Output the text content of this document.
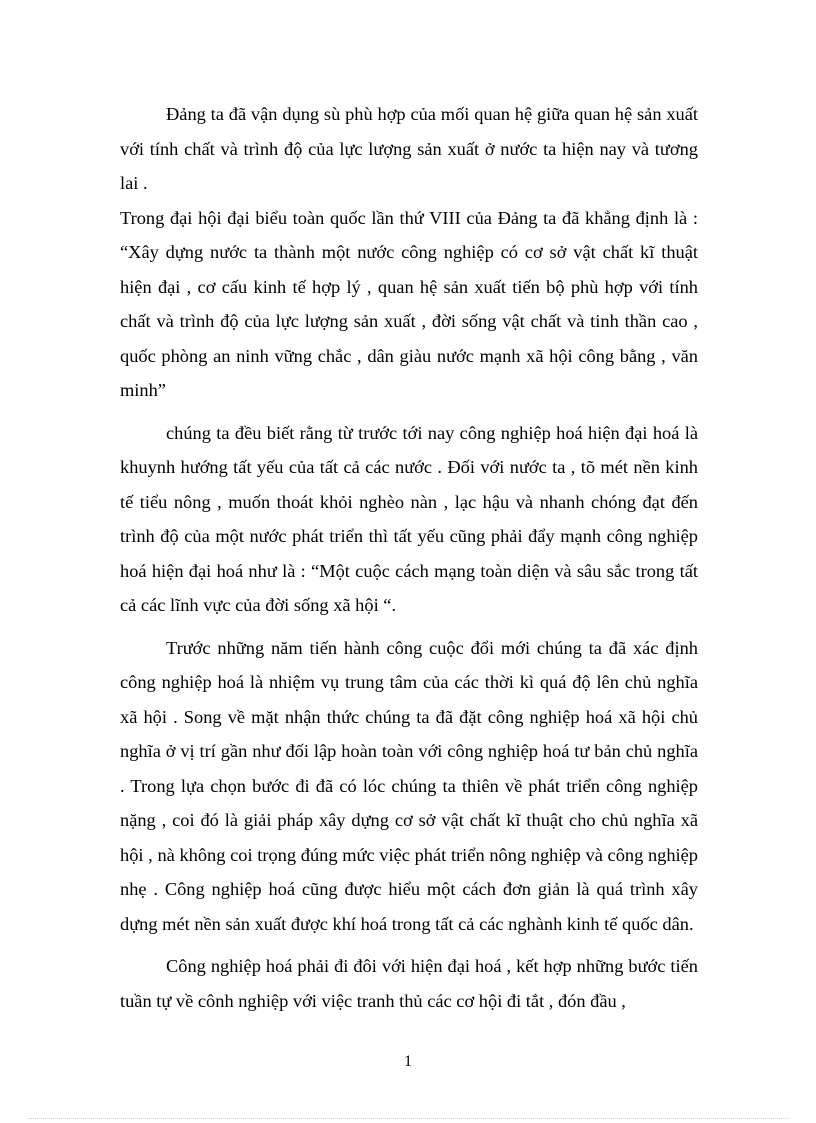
Đảng ta đã vận dụng sù phù hợp của mối quan hệ giữa quan hệ sản xuất với tính chất và trình độ của lực lượng sản xuất ở nước ta hiện nay và tương lai .

Trong đại hội đại biểu toàn quốc lần thứ VIII của Đảng ta đã khẳng định là : “Xây dựng nước ta thành một nước công nghiệp có cơ sở vật chất kĩ thuật hiện đại , cơ cấu kinh tế hợp lý , quan hệ sản xuất tiến bộ phù hợp với tính chất và trình độ của lực lượng sản xuất , đời sống vật chất và tinh thần cao , quốc phòng an ninh vững chắc , dân giàu nước mạnh xã hội công bằng , văn minh”

chúng ta đều biết rằng từ trước tới nay công nghiệp hoá hiện đại hoá là khuynh hướng tất yếu của tất cả các nước . Đối với nước ta , tõ mét nền kinh tế tiểu nông , muốn thoát khỏi nghèo nàn , lạc hậu và nhanh chóng đạt đến trình độ của một nước phát triển thì tất yếu cũng phải đẩy mạnh công nghiệp hoá hiện đại hoá như là : “Một cuộc cách mạng toàn diện và sâu sắc trong tất cả các lĩnh vực của đời sống xã hội “.

Trước những năm tiến hành công cuộc đổi mới chúng ta đã xác định công nghiệp hoá là nhiệm vụ trung tâm của các thời kì quá độ lên chủ nghĩa xã hội . Song về mặt nhận thức chúng ta đã đặt công nghiệp hoá xã hội chủ nghĩa ở vị trí gần như đối lập hoàn toàn với công nghiệp hoá tư bản chủ nghĩa . Trong lựa chọn bước đi đã có lóc chúng ta thiên về phát triển công nghiệp nặng , coi đó là giải pháp xây dựng cơ sở vật chất kĩ thuật cho chủ nghĩa xã hội , nà không coi trọng đúng mức việc phát triển nông nghiệp và công nghiệp nhẹ . Công nghiệp hoá cũng được hiểu một cách đơn giản là quá trình xây dựng mét nền sản xuất được khí hoá trong tất cả các nghành kinh tế quốc dân.

Công nghiệp hoá phải đi đôi với hiện đại hoá , kết hợp những bước tiến tuần tự về cônh nghiệp với việc tranh thủ các cơ hội đi tắt , đón đầu ,

1
